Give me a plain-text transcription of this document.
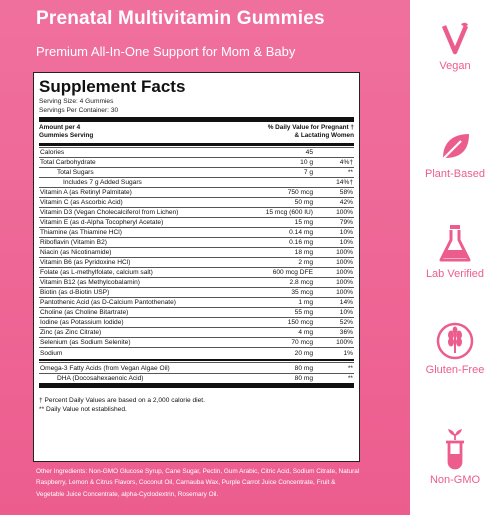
Prenatal Multivitamin Gummies
Premium All-In-One Support for Mom & Baby
Supplement Facts
Serving Size: 4 Gummies
Servings Per Container: 30
Amount per 4
Gummies Serving
% Daily Value for Pregnant †
& Lactating Women
Calories	45	
Total Carbohydrate	10 g	4%†
Total Sugars	7 g	**
Includes 7 g Added Sugars		14%†
Vitamin A (as Retinyl Palmitate)	750 mcg	58%
Vitamin C (as Ascorbic Acid)	50 mg	42%
Vitamin D3 (Vegan Cholecalciferol from Lichen)	15 mcg (600 IU)	100%
Vitamin E (as d-Alpha Tocopheryl Acetate)	15 mg	79%
Thiamine (as Thiamine HCl)	0.14 mg	10%
Riboflavin (Vitamin B2)	0.16 mg	10%
Niacin (as Nicotinamide)	18 mg	100%
Vitamin B6 (as Pyridoxine HCl)	2 mg	100%
Folate (as L-methylfolate, calcium salt)	600 mcg DFE	100%
Vitamin B12 (as Methylcobalamin)	2.8 mcg	100%
Biotin (as d-Biotin USP)	35 mcg	100%
Pantothenic Acid (as D-Calcium Pantothenate)	1 mg	14%
Choline (as Choline Bitartrate)	55 mg	10%
Iodine (as Potassium Iodide)	150 mcg	52%
Zinc (as Zinc Citrate)	4 mg	36%
Selenium (as Sodium Selenite)	70 mcg	100%
Sodium	20 mg	1%
Omega-3 Fatty Acids (from Vegan Algae Oil)	80 mg	**
DHA (Docosahexaenoic Acid)	80 mg	**
† Percent Daily Values are based on a 2,000 calorie diet.
** Daily Value not established.
Other Ingredients: Non-GMO Glucose Syrup, Cane Sugar, Pectin, Gum Arabic, Citric Acid, Sodium Citrate, Natural Raspberry, Lemon & Citrus Flavors, Coconut Oil, Carnauba Wax, Purple Carrot Juice Concentrate, Fruit & Vegetable Juice Concentrate, alpha-Cyclodextrin, Rosemary Oil.
Vegan
Plant-Based
Lab Verified
Gluten-Free
Non-GMO
